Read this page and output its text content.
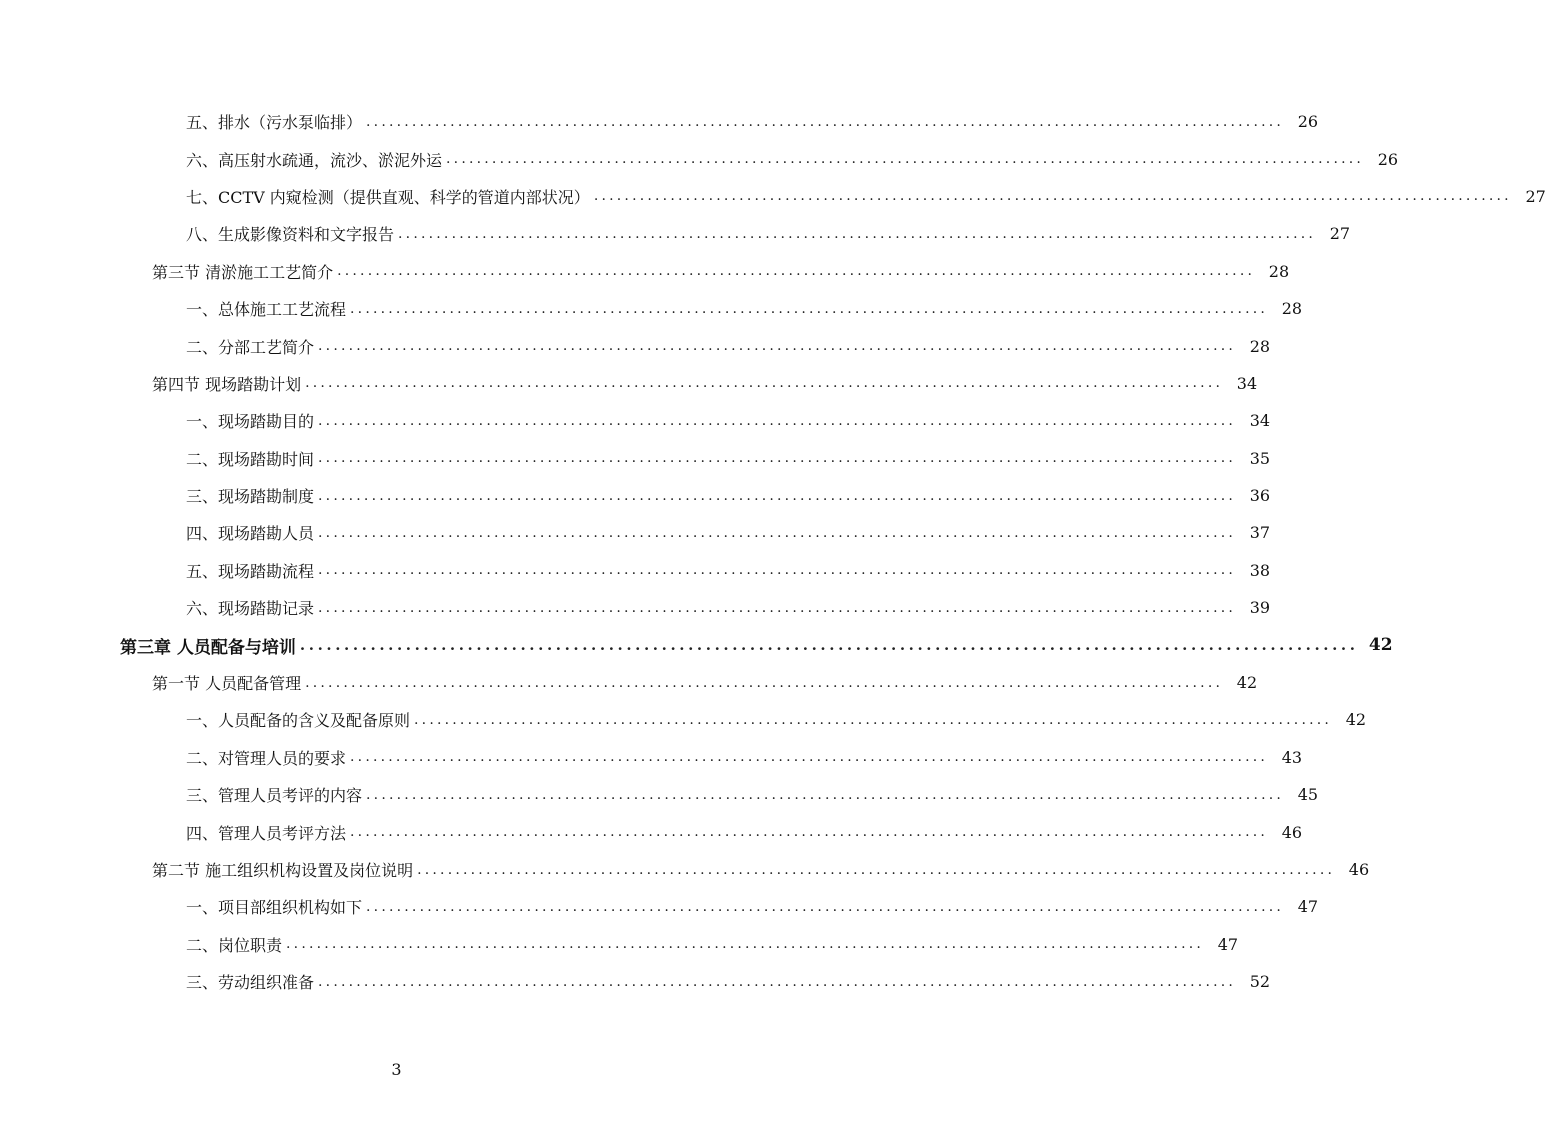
五、排水（污水泵临排） ........................................................................................................................ 26
六、高压射水疏通，流沙、淤泥外运 ........................................................................................................................ 26
七、CCTV 内窥检测（提供直观、科学的管道内部状况） ........................................................................................................................ 27
八、生成影像资料和文字报告 ........................................................................................................................ 27
第三节 清淤施工工艺简介 ........................................................................................................................ 28
一、总体施工工艺流程 ........................................................................................................................ 28
二、分部工艺简介 ........................................................................................................................ 28
第四节 现场踏勘计划 ........................................................................................................................ 34
一、现场踏勘目的 ........................................................................................................................ 34
二、现场踏勘时间 ........................................................................................................................ 35
三、现场踏勘制度 ........................................................................................................................ 36
四、现场踏勘人员 ........................................................................................................................ 37
五、现场踏勘流程 ........................................................................................................................ 38
六、现场踏勘记录 ........................................................................................................................ 39
第三章 人员配备与培训 ........................................................................................................................ 42
第一节 人员配备管理 ........................................................................................................................ 42
一、人员配备的含义及配备原则 ........................................................................................................................ 42
二、对管理人员的要求 ........................................................................................................................ 43
三、管理人员考评的内容 ........................................................................................................................ 45
四、管理人员考评方法 ........................................................................................................................ 46
第二节 施工组织机构设置及岗位说明 ........................................................................................................................ 46
一、项目部组织机构如下 ........................................................................................................................ 47
二、岗位职责 ........................................................................................................................ 47
三、劳动组织准备 ........................................................................................................................ 52
3
